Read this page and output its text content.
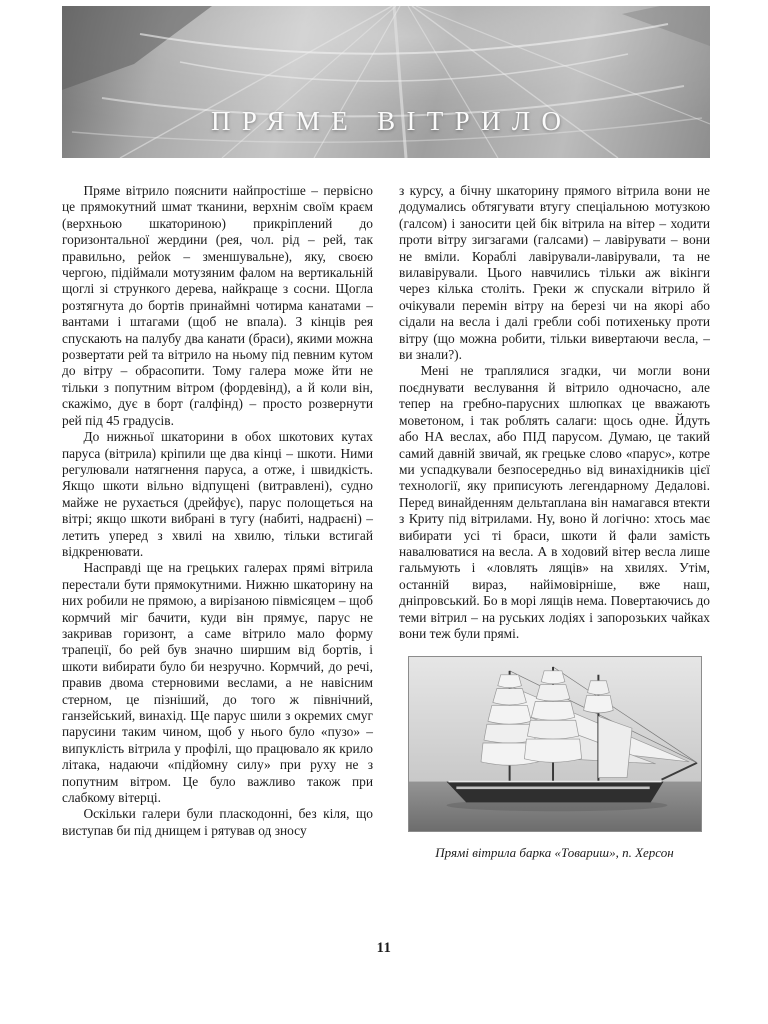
ПРЯМЕ ВІТРИЛО

Пряме вітрило пояснити найпростіше – первісно це прямокутний шмат тканини, верхнім своїм краєм (верхньою шкаториною) прикріплений до горизонтальної жердини (рея, чол. рід – рей, так правильно, рейок – зменшувальне), яку, своєю чергою, підіймали мотузяним фалом на вертикальній щоглі зі стрункого дерева, найкраще з сосни. Щогла розтягнута до бортів принаймні чотирма канатами – вантами і штагами (щоб не впала). З кінців рея спускають на палубу два канати (браси), якими можна розвертати рей та вітрило на ньому під певним кутом до вітру – обрасопити. Тому галера може йти не тільки з попутним вітром (фордевінд), а й коли він, скажімо, дує в борт (галфінд) – просто розвернути рей під 45 градусів.

До нижньої шкаторини в обох шкотових кутах паруса (вітрила) кріпили ще два кінці – шкоти. Ними регулювали натягнення паруса, а отже, і швидкість. Якщо шкоти вільно відпущені (витравлені), судно майже не рухається (дрейфує), парус полощеться на вітрі; якщо шкоти вибрані в тугу (набиті, надраєні) – летить уперед з хвилі на хвилю, тільки встигай відкренювати.

Насправді ще на грецьких галерах прямі вітрила перестали бути прямокутними. Нижню шкаторину на них робили не прямою, а вирізаною півмісяцем – щоб кормчий міг бачити, куди він прямує, парус не закривав горизонт, а саме вітрило мало форму трапеції, бо рей був значно ширшим від бортів, і шкоти вибирати було би незручно. Кормчий, до речі, правив двома стерновими веслами, а не навісним стерном, це пізніший, до того ж північний, ганзейський, винахід. Ще парус шили з окремих смуг парусини таким чином, щоб у нього було «пузо» – випуклість вітрила у профілі, що працювало як крило літака, надаючи «підйомну силу» при руху не з попутним вітром. Це було важливо також при слабкому вітерці.

Оскільки галери були пласкодонні, без кіля, що виступав би під днищем і рятував од зносу

з курсу, а бічну шкаторину прямого вітрила вони не додумались обтягувати втугу спеціальною мотузкою (галсом) і заносити цей бік вітрила на вітер – ходити проти вітру зигзагами (галсами) – лавірувати – вони не вміли. Кораблі лавірували-лавірували, та не вилавірували. Цього навчились тільки аж вікінги через кілька століть. Греки ж спускали вітрило й очікували перемін вітру на березі чи на якорі або сідали на весла і далі гребли собі потихеньку проти вітру (що можна робити, тільки вивертаючи весла, – ви знали?).

Мені не траплялися згадки, чи могли вони поєднувати веслування й вітрило одночасно, але тепер на гребно-парусних шлюпках це вважають моветоном, і так роблять салаги: щось одне. Йдуть або НА веслах, або ПІД парусом. Думаю, це такий самий давній звичай, як грецьке слово «парус», котре ми успадкували безпосередньо від винахідників цієї технології, яку приписують легендарному Дедалові. Перед винайденням дельтаплана він намагався втекти з Криту під вітрилами. Ну, воно й логічно: хтось має вибирати усі ті браси, шкоти й фали замість навалюватися на весла. А в ходовий вітер весла лише гальмують і «ловлять лящів» на хвилях. Утім, останній вираз, найімовірніше, вже наш, дніпровський. Бо в морі лящів нема. Повертаючись до теми вітрил – на руських лодіях і запорозьких чайках вони теж були прямі.

Прямі вітрила барка «Товариш», п. Херсон
11
